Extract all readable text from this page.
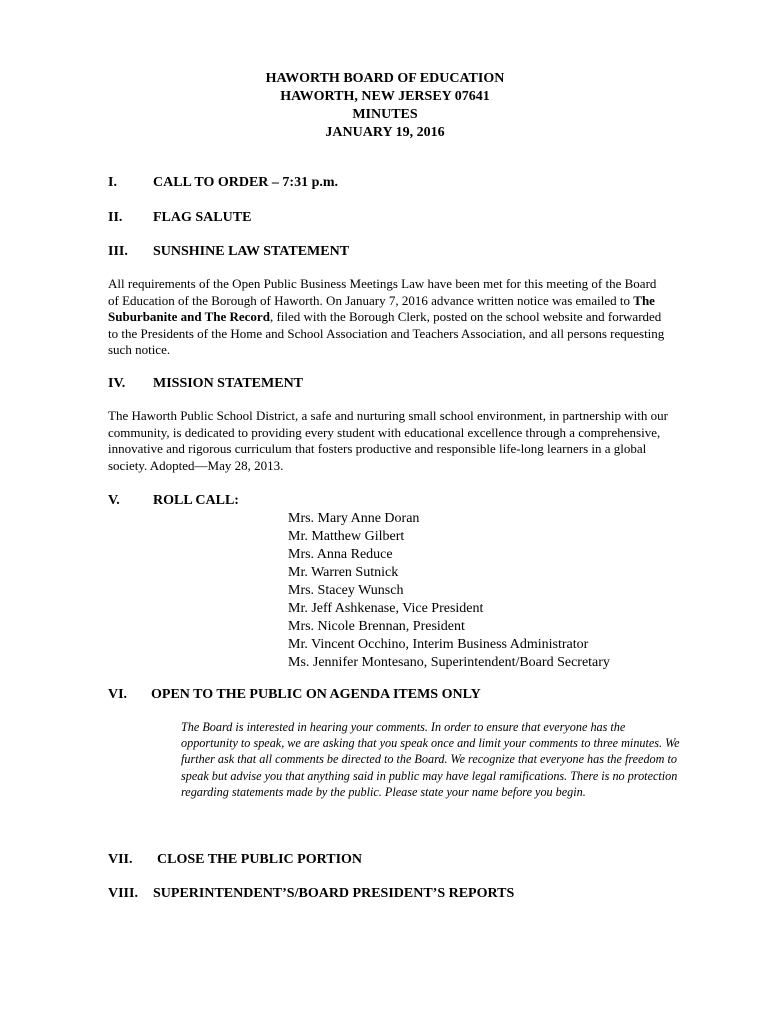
HAWORTH BOARD OF EDUCATION
HAWORTH, NEW JERSEY 07641
MINUTES
JANUARY 19, 2016
I.	CALL TO ORDER – 7:31 p.m.
II. FLAG SALUTE
III. SUNSHINE LAW STATEMENT
All requirements of the Open Public Business Meetings Law have been met for this meeting of the Board of Education of the Borough of Haworth. On January 7, 2016 advance written notice was emailed to The Suburbanite and The Record, filed with the Borough Clerk, posted on the school website and forwarded to the Presidents of the Home and School Association and Teachers Association, and all persons requesting such notice.
IV. MISSION STATEMENT
The Haworth Public School District, a safe and nurturing small school environment, in partnership with our community, is dedicated to providing every student with educational excellence through a comprehensive, innovative and rigorous curriculum that fosters productive and responsible life-long learners in a global society. Adopted—May 28, 2013.
V. ROLL CALL:
Mrs. Mary Anne Doran
Mr. Matthew Gilbert
Mrs. Anna Reduce
Mr. Warren Sutnick
Mrs. Stacey Wunsch
Mr. Jeff Ashkenase, Vice President
Mrs. Nicole Brennan, President
Mr. Vincent Occhino, Interim Business Administrator
Ms. Jennifer Montesano, Superintendent/Board Secretary
VI. OPEN TO THE PUBLIC ON AGENDA ITEMS ONLY
The Board is interested in hearing your comments. In order to ensure that everyone has the opportunity to speak, we are asking that you speak once and limit your comments to three minutes. We further ask that all comments be directed to the Board. We recognize that everyone has the freedom to speak but advise you that anything said in public may have legal ramifications. There is no protection regarding statements made by the public. Please state your name before you begin.
VII. CLOSE THE PUBLIC PORTION
VIII. SUPERINTENDENT’S/BOARD PRESIDENT’S REPORTS
